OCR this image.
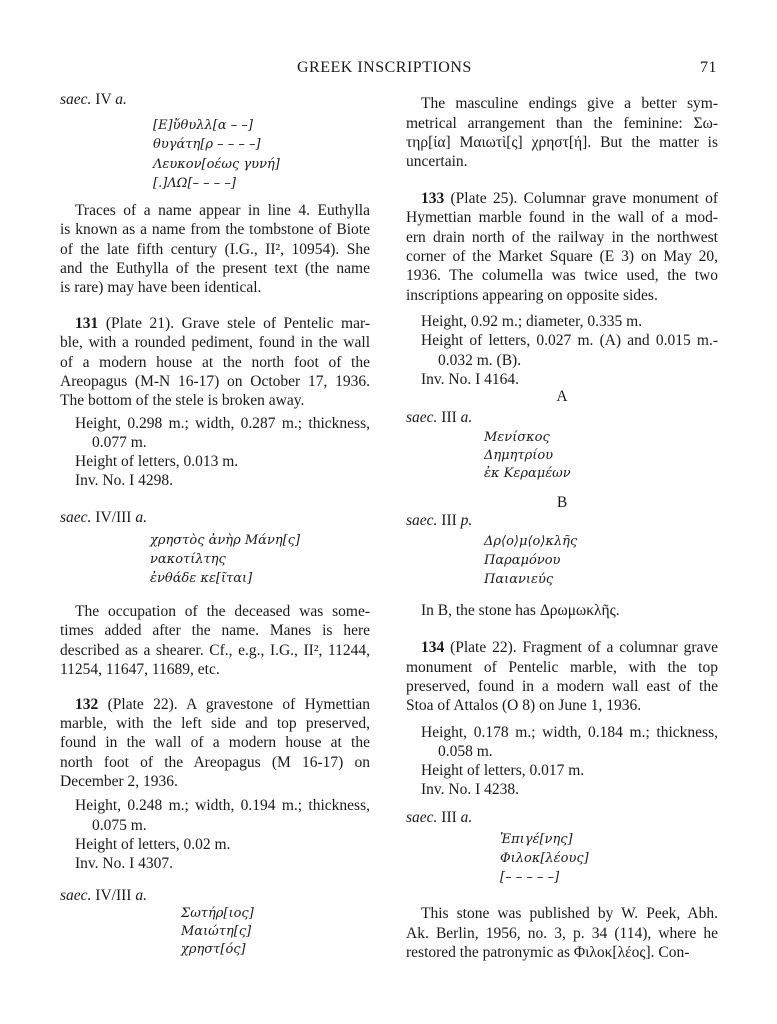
GREEK INSCRIPTIONS	71
saec. IV a.
[Ε]ὔθυλλ[α – –]
θυγάτη[ρ – – – –]
Λευκον[οέως γυνή]
[.]ΛΩ[– – – –]
Traces of a name appear in line 4. Euthylla
is known as a name from the tombstone of Biote
of the late fifth century (I.G., II², 10954). She
and the Euthylla of the present text (the name
is rare) may have been identical.
131 (Plate 21). Grave stele of Pentelic mar-
ble, with a rounded pediment, found in the wall
of a modern house at the north foot of the
Areopagus (M-N 16-17) on October 17, 1936.
The bottom of the stele is broken away.
Height, 0.298 m.; width, 0.287 m.; thickness,
0.077 m.
Height of letters, 0.013 m.
Inv. No. I 4298.
saec. IV/III a.
χρηστὸς ἀνὴρ Μάνη[ς]
νακοτίλτης
ἐνθάδε κε[ῖται]
The occupation of the deceased was some-
times added after the name. Manes is here
described as a shearer. Cf., e.g., I.G., II², 11244,
11254, 11647, 11689, etc.
132 (Plate 22). A gravestone of Hymettian
marble, with the left side and top preserved,
found in the wall of a modern house at the
north foot of the Areopagus (M 16-17) on
December 2, 1936.
Height, 0.248 m.; width, 0.194 m.; thickness,
0.075 m.
Height of letters, 0.02 m.
Inv. No. I 4307.
saec. IV/III a.
Σωτήρ[ιος]
Μαιώτη[ς]
χρηστ[ός]
The masculine endings give a better sym-
metrical arrangement than the feminine: Σω-
τηρ[ία] Μαιωτὶ[ς] χρηστ[ή]. But the matter is
uncertain.
133 (Plate 25). Columnar grave monument of
Hymettian marble found in the wall of a mod-
ern drain north of the railway in the northwest
corner of the Market Square (E 3) on May 20,
1936. The columella was twice used, the two
inscriptions appearing on opposite sides.
Height, 0.92 m.; diameter, 0.335 m.
Height of letters, 0.027 m. (A) and 0.015 m.-
0.032 m. (B).
Inv. No. I 4164.
A
saec. III a.
Μενίσκος
Δημητρίου
ἐκ Κεραμέων
B
saec. III p.
Δρ⟨ο⟩μ⟨ο⟩κλῆς
Παραμόνου
Παιανιεύς
In B, the stone has Δρωμωκλῆς.
134 (Plate 22). Fragment of a columnar grave
monument of Pentelic marble, with the top
preserved, found in a modern wall east of the
Stoa of Attalos (O 8) on June 1, 1936.
Height, 0.178 m.; width, 0.184 m.; thickness,
0.058 m.
Height of letters, 0.017 m.
Inv. No. I 4238.
saec. III a.
Ἐπιγέ[νης]
Φιλοκ[λέους]
[– – – – –]
This stone was published by W. Peek, Abh.
Ak. Berlin, 1956, no. 3, p. 34 (114), where he
restored the patronymic as Φιλοκ[λέος]. Con-
